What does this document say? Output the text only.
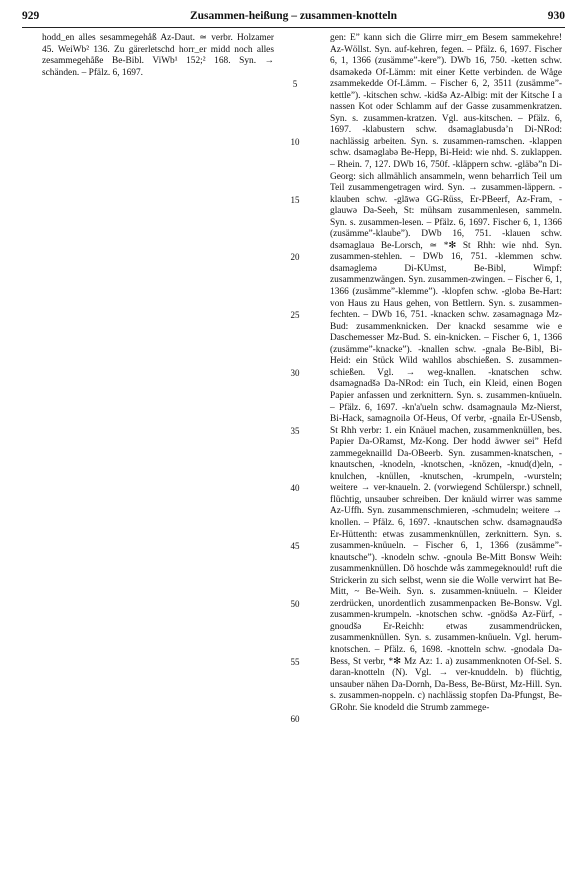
929	Zusammen-heißung – zusammen-knotteln	930

hodd_en alles sesammegehåß Az-Daut. ≃ verbr. Holzamer 45. WeiWb² 136. Zu gärerletschd horr_er midd noch alles zesammegehåße Be-Bibl. ViWb¹ 152;² 168. Syn. → schänden. – Pfälz. 6, 1697.

5
10
15
20
25
30
35
40
45
50
55
60

gen: E” kann sich die Glirre mirr_em Besem sammekehre! Az-Wöllst. Syn. auf-kehren, fegen. – Pfälz. 6, 1697. Fischer 6, 1, 1366 (zusämme”-kere”). DWb 16, 750. -ketten schw. dsamәkedә Of-Lämm: mit einer Kette verbinden. de Wåge zsammekedde Of-Lämm. – Fischer 6, 2, 3511 (zusämme”-kettle”). -kitschen schw. -kidšә Az-Albig: mit der Kitsche I a nassen Kot oder Schlamm auf der Gasse zusammenkratzen. Syn. s. zusammen-kratzen. Vgl. aus-kitschen. – Pfälz. 6, 1697. -klabustern schw. dsәmaglabusdә’n Di-NRod: nachlässig arbeiten. Syn. s. zusammen-ramschen. -klappen schw. dsamәglabә Be-Hepp, Bi-Heid: wie nhd. S. zuklappen. – Rhein. 7, 127. DWb 16, 750f. -kläppern schw. -gläbә”n Di-Georg: sich allmählich ansammeln, wenn beharrlich Teil um Teil zusammengetragen wird. Syn. → zusammen-läppern. -klauben schw. -glāwә GG-Rüss, Er-PBeerf, Az-Fram, -glauwә Da-Seeh, St: mühsam zusammenlesen, sammeln. Syn. s. zusammen-lesen. – Pfälz. 6, 1697. Fischer 6, 1, 1366 (zusämme”-klaube”). DWb 16, 751. -klauen schw. dsәmaglauә Be-Lorsch, ≃ *✻ St Rhh: wie nhd. Syn. zusammen-stehlen. – DWb 16, 751. -klemmen schw. dsamәglemә Di-KUmst, Be-Bibl, Wimpf: zusammenzwängen. Syn. zusammen-zwingen. – Fischer 6, 1, 1366 (zusämme”-klemme”). -klopfen schw. -globә Be-Hart: von Haus zu Haus gehen, von Bettlern. Syn. s. zusammen-fechten. – DWb 16, 751. -knacken schw. zәsamәgnagә Mz-Bud: zusammenknicken. Der knackd sesamme wie e Daschemesser Mz-Bud. S. ein-knicken. – Fischer 6, 1, 1366 (zusämme”-knacke”). -knallen schw. -gnalә Be-Bibl, Bi-Heid: ein Stück Wild wahllos abschießen. S. zusammen-schießen. Vgl. → weg-knallen. -knatschen schw. dsamәgnadšә Da-NRod: ein Tuch, ein Kleid, einen Bogen Papier anfassen und zerknittern. Syn. s. zusammen-knüueln. – Pfälz. 6, 1697. -kn'a'ueln schw. dsamәgnaulә Mz-Nierst, Bi-Hack, samәgnoilә Of-Heus, Of verbr, -gnailә Er-USensb, St Rhh verbr: 1. ein Knäuel machen, zusammenknüllen, bes. Papier Da-ORamst, Mz-Kong. Der hodd äwwer sei” Hefd zammegeknailld Da-OBeerb. Syn. zusammen-knatschen, -knautschen, -knodeln, -knotschen, -knözen, -knud(d)eln, -knulchen, -knüllen, -knutschen, -krumpeln, -wursteln; weitere → ver-knaueln. 2. (vorwiegend Schülerspr.) schnell, flüchtig, unsauber schreiben. Der knäuld wirrer was samme Az-Uffh. Syn. zusammenschmieren, -schmudeln; weitere → knollen. – Pfälz. 6, 1697. -knautschen schw. dsamәgnaudšә Er-Hüttenth: etwas zusammenknüllen, zerknittern. Syn. s. zusammen-knüueln. – Fischer 6, 1, 1366 (zusämme”-knautsche”). -knodeln schw. -gnoulә Be-Mitt Bonsw Weih: zusammenknüllen. Dõ hoschde wås zammegeknould! ruft die Strickerin zu sich selbst, wenn sie die Wolle verwirrt hat Be-Mitt, ~ Be-Weih. Syn. s. zusammen-knüueln. – Kleider zerdrücken, unordentlich zusammenpacken Be-Bonsw. Vgl. zusammen-krumpeln. -knotschen schw. -gnödšә Az-Fürf, -gnoudšә Er-Reichh: etwas zusammendrücken, zusammenknüllen. Syn. s. zusammen-knüueln. Vgl. herum-knotschen. – Pfälz. 6, 1698. -knotteln schw. -gnodәlә Da-Bess, St verbr, *✻ Mz Az: 1. a) zusammenknoten Of-Sel. S. daran-knotteln (N). Vgl. → ver-knuddeln. b) flüchtig, unsauber nähen Da-Dornh, Da-Bess, Be-Bürst, Mz-Hill. Syn. s. zusammen-noppeln. c) nachlässig stopfen Da-Pfungst, Be-GRohr. Sie knodeld die Strumb zammege-
